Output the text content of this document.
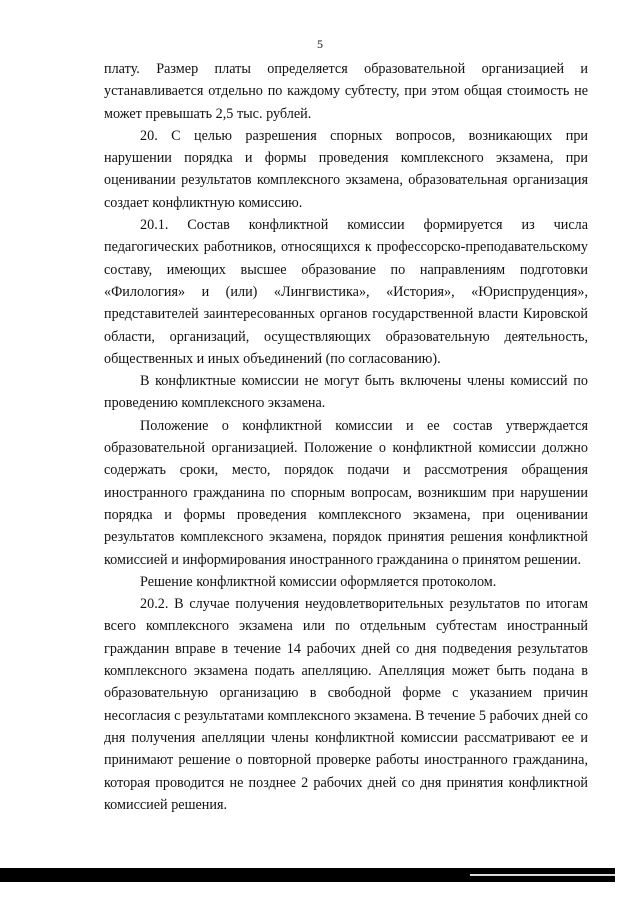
5

плату. Размер платы определяется образовательной организацией и устанавливается отдельно по каждому субтесту, при этом общая стоимость не может превышать 2,5 тыс. рублей.

20. С целью разрешения спорных вопросов, возникающих при нарушении порядка и формы проведения комплексного экзамена, при оценивании результатов комплексного экзамена, образовательная организация создает конфликтную комиссию.

20.1. Состав конфликтной комиссии формируется из числа педагогических работников, относящихся к профессорско-преподавательскому составу, имеющих высшее образование по направлениям подготовки «Филология» и (или) «Лингвистика», «История», «Юриспруденция», представителей заинтересованных органов государственной власти Кировской области, организаций, осуществляющих образовательную деятельность, общественных и иных объединений (по согласованию).

В конфликтные комиссии не могут быть включены члены комиссий по проведению комплексного экзамена.

Положение о конфликтной комиссии и ее состав утверждается образовательной организацией. Положение о конфликтной комиссии должно содержать сроки, место, порядок подачи и рассмотрения обращения иностранного гражданина по спорным вопросам, возникшим при нарушении порядка и формы проведения комплексного экзамена, при оценивании результатов комплексного экзамена, порядок принятия решения конфликтной комиссией и информирования иностранного гражданина о принятом решении.

Решение конфликтной комиссии оформляется протоколом.

20.2. В случае получения неудовлетворительных результатов по итогам всего комплексного экзамена или по отдельным субтестам иностранный гражданин вправе в течение 14 рабочих дней со дня подведения результатов комплексного экзамена подать апелляцию. Апелляция может быть подана в образовательную организацию в свободной форме с указанием причин несогласия с результатами комплексного экзамена. В течение 5 рабочих дней со дня получения апелляции члены конфликтной комиссии рассматривают ее и принимают решение о повторной проверке работы иностранного гражданина, которая проводится не позднее 2 рабочих дней со дня принятия конфликтной комиссией решения.
